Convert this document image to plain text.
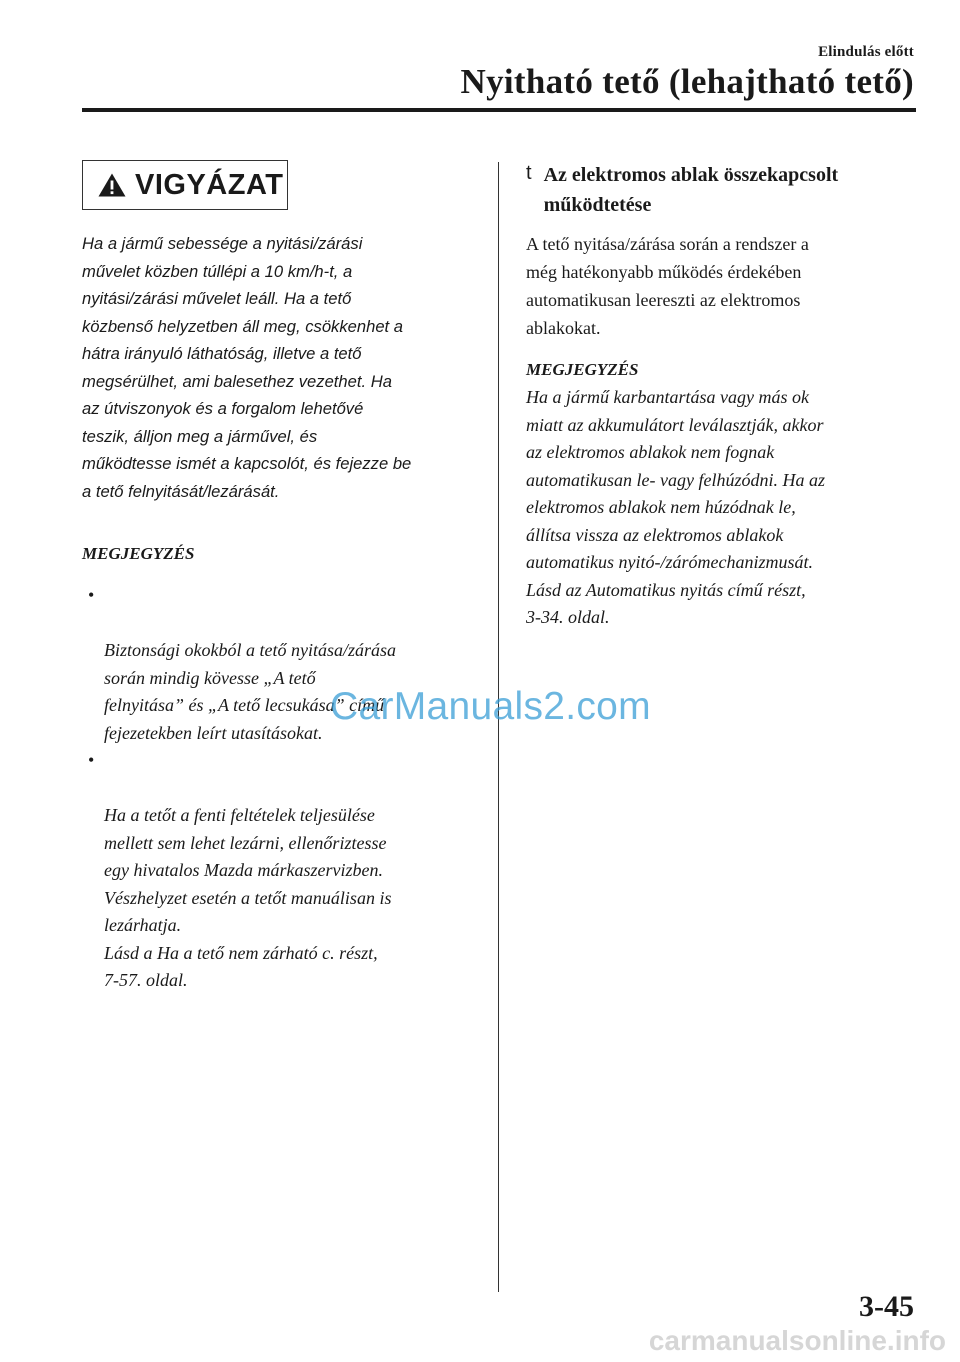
Elindulás előtt
Nyitható tető (lehajtható tető)
VIGYÁZAT
Ha a jármű sebessége a nyitási/zárási
művelet közben túllépi a 10 km/h-t, a
nyitási/zárási művelet leáll. Ha a tető
közbenső helyzetben áll meg, csökkenhet a
hátra irányuló láthatóság, illetve a tető
megsérülhet, ami balesethez vezethet. Ha
az útviszonyok és a forgalom lehetővé
teszik, álljon meg a járművel, és
működtesse ismét a kapcsolót, és fejezze be
a tető felnyitását/lezárását.
MEGJEGYZÉS

•

Biztonsági okokból a tető nyitása/zárása
során mindig kövesse „A tető
felnyitása” és „A tető lecsukása” című
fejezetekben leírt utasításokat.

•

Ha a tetőt a fenti feltételek teljesülése
mellett sem lehet lezárni, ellenőriztesse
egy hivatalos Mazda márkaszervizben.
Vészhelyzet esetén a tetőt manuálisan is
lezárhatja.
Lásd a Ha a tető nem zárható c. részt,
7-57. oldal.

t Az elektromos ablak összekapcsolt
működtetése

A tető nyitása/zárása során a rendszer a
még hatékonyabb működés érdekében
automatikusan leereszti az elektromos
ablakokat.

MEGJEGYZÉS
Ha a jármű karbantartása vagy más ok
miatt az akkumulátort leválasztják, akkor
az elektromos ablakok nem fognak
automatikusan le- vagy felhúzódni. Ha az
elektromos ablakok nem húzódnak le,
állítsa vissza az elektromos ablakok
automatikus nyitó-/zárómechanizmusát.
Lásd az Automatikus nyitás című részt,
3-34. oldal.
CarManuals2.com
3-45
carmanualsonline.info
